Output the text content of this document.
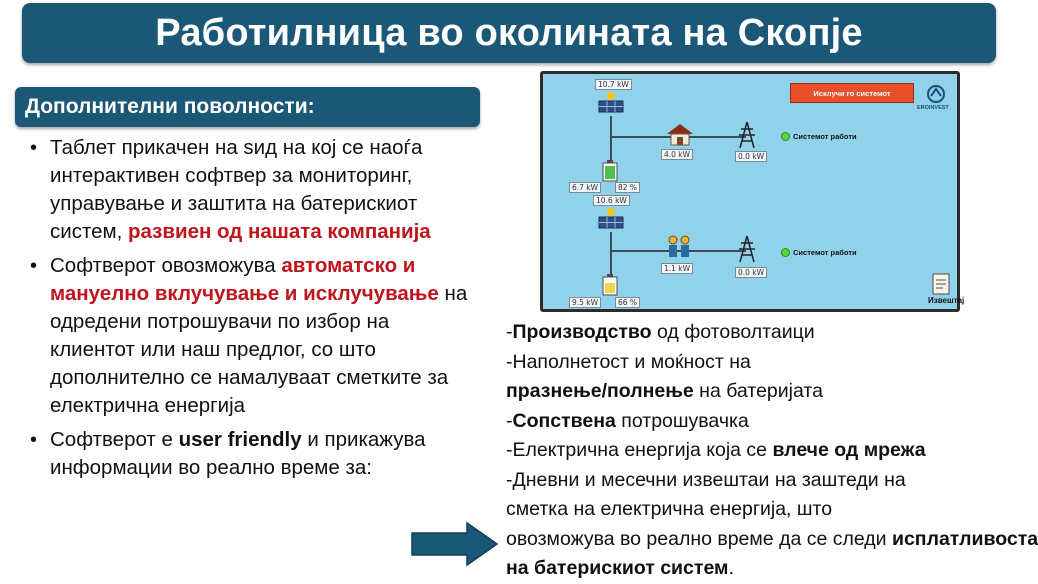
Работилница во околината на Скопје
Дополнителни поволности:
• Таблет прикачен на ѕид на кој се наоѓа интерактивен софтвер за мониторинг, управување и заштита на батерискиот систем, развиен од нашата компанија
• Софтверот овозможува автоматско и мануелно вклучување и исклучување на одредени потрошувачи по избор на клиентот или наш предлог, со што дополнително се намалуваат сметките за електрична енергија
• Софтверот е user friendly и прикажува информации во реално време за:
Исклучи го системот
EROINVEST
10.7 kW
4.0 kW	0.0 kW
Системот работи
6.7 kW	82 %
10.6 kW
1.1 kW	0.0 kW
Системот работи
9.5 kW	66 %	Извештај
-Производство од фотоволтаици
-Наполнетост и моќност на
празнење/полнење на батеријата
-Сопствена потрошувачка
-Електрична енергија која се влече од мрежа
-Дневни и месечни извештаи на заштеди на
сметка на електрична енергија, што
овозможува во реално време да се следи исплатливоста
на батерискиот систем.
